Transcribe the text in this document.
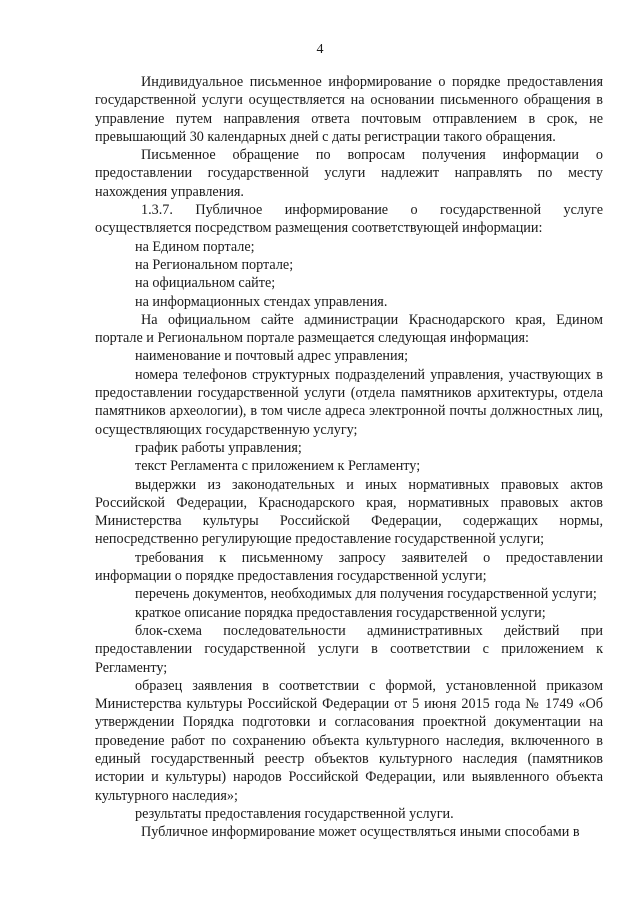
4

Индивидуальное письменное информирование о порядке предоставления государственной услуги осуществляется на основании письменного обращения в управление путем направления ответа почтовым отправлением в срок, не превышающий 30 календарных дней с даты регистрации такого обращения.

Письменное обращение по вопросам получения информации о предоставлении государственной услуги надлежит направлять по месту нахождения управления.

1.3.7. Публичное информирование о государственной услуге осуществляется посредством размещения соответствующей информации:

на Едином портале;

на Региональном портале;

на официальном сайте;

на информационных стендах управления.

На официальном сайте администрации Краснодарского края, Едином портале и Региональном портале размещается следующая информация:

наименование и почтовый адрес управления;

номера телефонов структурных подразделений управления, участвующих в предоставлении государственной услуги (отдела памятников архитектуры, отдела памятников археологии), в том числе адреса электронной почты должностных лиц, осуществляющих государственную услугу;

график работы управления;

текст Регламента с приложением к Регламенту;

выдержки из законодательных и иных нормативных правовых актов Российской Федерации, Краснодарского края, нормативных правовых актов Министерства культуры Российской Федерации, содержащих нормы, непосредственно регулирующие предоставление государственной услуги;

требования к письменному запросу заявителей о предоставлении информации о порядке предоставления государственной услуги;

перечень документов, необходимых для получения государственной услуги;

краткое описание порядка предоставления государственной услуги;

блок-схема последовательности административных действий при предоставлении государственной услуги в соответствии с приложением к Регламенту;

образец заявления в соответствии с формой, установленной приказом Министерства культуры Российской Федерации от 5 июня 2015 года № 1749 «Об утверждении Порядка подготовки и согласования проектной документации на проведение работ по сохранению объекта культурного наследия, включенного в единый государственный реестр объектов культурного наследия (памятников истории и культуры) народов Российской Федерации, или выявленного объекта культурного наследия»;

результаты предоставления государственной услуги.

Публичное информирование может осуществляться иными способами в
